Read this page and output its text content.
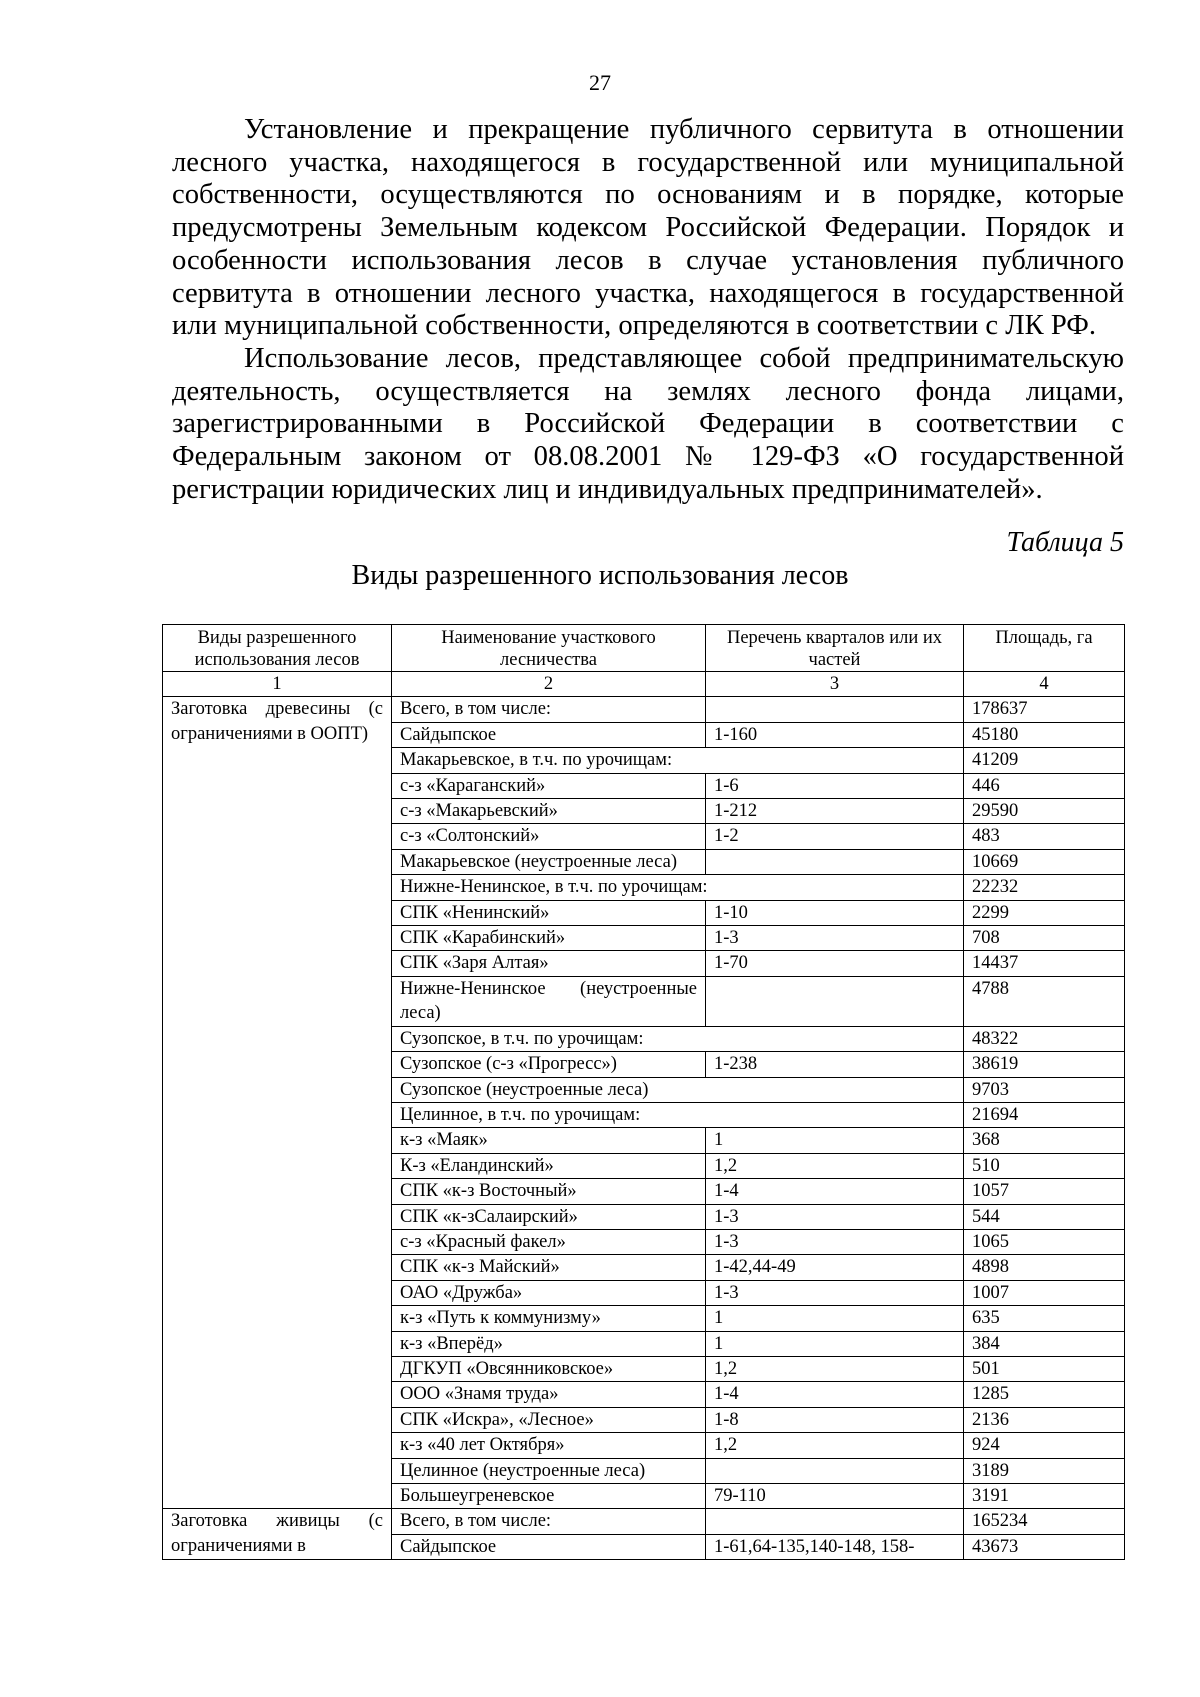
27

Установление и прекращение публичного сервитута в отношении лесного участка, находящегося в государственной или муниципальной собственности, осуществляются по основаниям и в порядке, которые предусмотрены Земельным кодексом Российской Федерации. Порядок и особенности использования лесов в случае установления публичного сервитута в отношении лесного участка, находящегося в государственной или муниципальной собственности, определяются в соответствии с ЛК РФ.

Использование лесов, представляющее собой предпринимательскую деятельность, осуществляется на землях лесного фонда лицами, зарегистрированными в Российской Федерации в соответствии с Федеральным законом от 08.08.2001 № 129-ФЗ «О государственной регистрации юридических лиц и индивидуальных предпринимателей».

Таблица 5
Виды разрешенного использования лесов
Виды разрешенного использования лесов	Наименование участкового лесничества	Перечень кварталов или их частей	Площадь, га
1	2	3	4
Заготовка древесины (с ограничениями в ООПТ)	Всего, в том числе:		178637
	Сайдыпское	1-160	45180
	Макарьевское, в т.ч. по урочищам:		41209
	с-з «Караганский»	1-6	446
	с-з «Макарьевский»	1-212	29590
	с-з «Солтонский»	1-2	483
	Макарьевское (неустроенные леса)		10669
	Нижне-Ненинское, в т.ч. по урочищам:		22232
	СПК «Ненинский»	1-10	2299
	СПК «Карабинский»	1-3	708
	СПК «Заря Алтая»	1-70	14437
	Нижне-Ненинское (неустроенные леса)		4788
	Сузопское, в т.ч. по урочищам:		48322
	Сузопское (с-з «Прогресс»)	1-238	38619
	Сузопское (неустроенные леса)		9703
	Целинное, в т.ч. по урочищам:		21694
	к-з «Маяк»	1	368
	К-з «Еландинский»	1,2	510
	СПК «к-з Восточный»	1-4	1057
	СПК «к-зСалаирский»	1-3	544
	с-з «Красный факел»	1-3	1065
	СПК «к-з Майский»	1-42,44-49	4898
	ОАО «Дружба»	1-3	1007
	к-з «Путь к коммунизму»	1	635
	к-з «Вперёд»	1	384
	ДГКУП «Овсянниковское»	1,2	501
	ООО «Знамя труда»	1-4	1285
	СПК «Искра», «Лесное»	1-8	2136
	к-з «40 лет Октября»	1,2	924
	Целинное (неустроенные леса)		3189
	Большеугреневское	79-110	3191
Заготовка живицы (с ограничениями в	Всего, в том числе:		165234
	Сайдыпское	1-61,64-135,140-148, 158-	43673
